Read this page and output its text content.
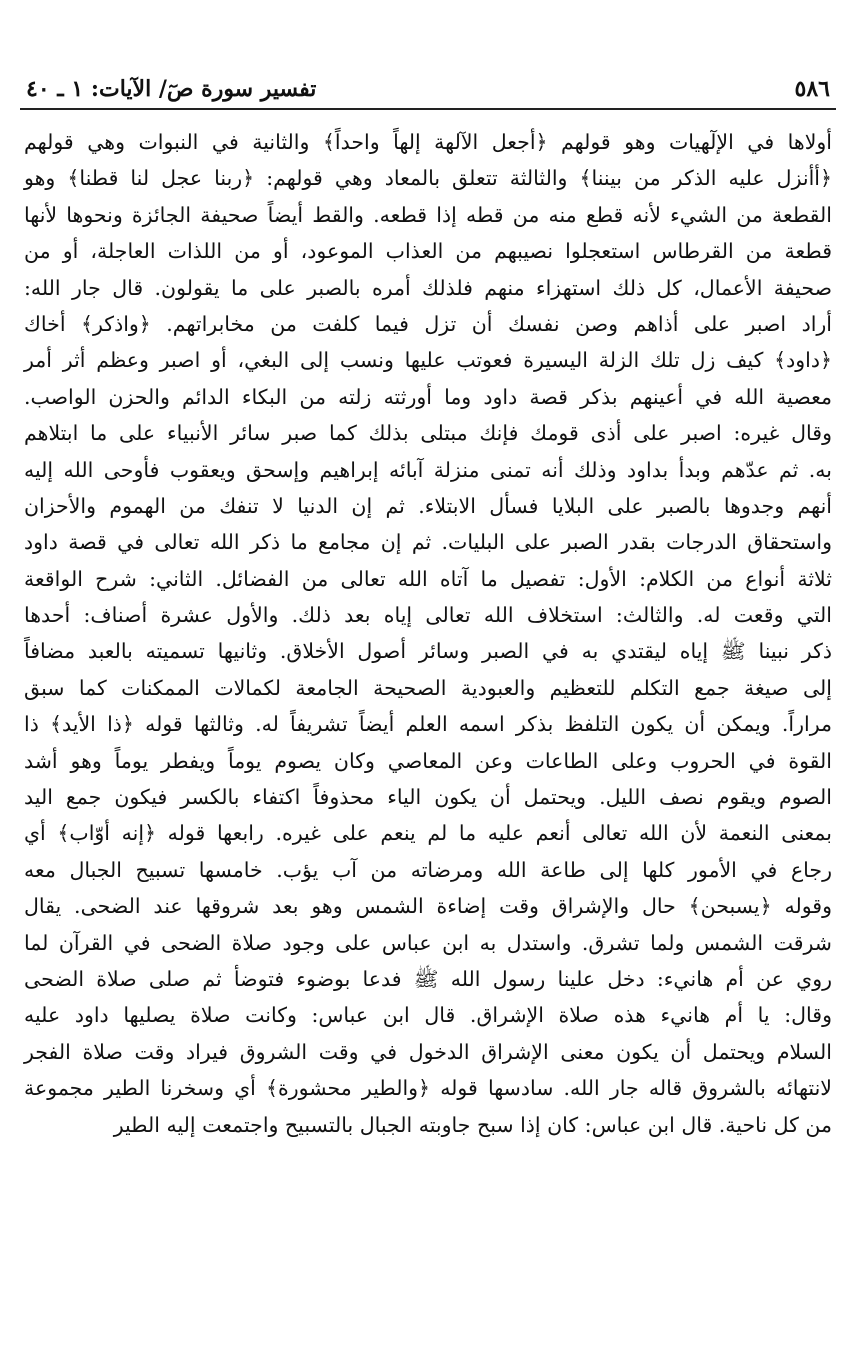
٥٨٦
تفسير سورة صٓ/ الآيات: ١ ـ ٤٠
أولاها في الإلٓهيات وهو قولهم ﴿أجعل الآلهة إلهاً واحداً﴾ والثانية في النبوات وهي قولهم
﴿أأنزل عليه الذكر من بيننا﴾ والثالثة تتعلق بالمعاد وهي قولهم: ﴿ربنا عجل لنا قطنا﴾ وهو
القطعة من الشيء لأنه قطع منه من قطه إذا قطعه. والقط أيضاً صحيفة الجائزة ونحوها لأنها
قطعة من القرطاس استعجلوا نصيبهم من العذاب الموعود، أو من اللذات العاجلة، أو من
صحيفة الأعمال، كل ذلك استهزاء منهم فلذلك أمره بالصبر على ما يقولون. قال جار الله:
أراد اصبر على أذاهم وصن نفسك أن تزل فيما كلفت من مخابراتهم. ﴿واذكر﴾ أخاك
﴿داود﴾ كيف زل تلك الزلة اليسيرة فعوتب عليها ونسب إلى البغي، أو اصبر وعظم أثر أمر
معصية الله في أعينهم بذكر قصة داود وما أورثته زلته من البكاء الدائم والحزن الواصب.
وقال غيره: اصبر على أذى قومك فإنك مبتلى بذلك كما صبر سائر الأنبياء على ما ابتلاهم
به. ثم عدّهم وبدأ بداود وذلك أنه تمنى منزلة آبائه إبراهيم وإسحق ويعقوب فأوحى الله إليه
أنهم وجدوها بالصبر على البلايا فسأل الابتلاء. ثم إن الدنيا لا تنفك من الهموم والأحزان
واستحقاق الدرجات بقدر الصبر على البليات. ثم إن مجامع ما ذكر الله تعالى في قصة داود
ثلاثة أنواع من الكلام: الأول: تفصيل ما آتاه الله تعالى من الفضائل. الثاني: شرح الواقعة
التي وقعت له. والثالث: استخلاف الله تعالى إياه بعد ذلك. والأول عشرة أصناف: أحدها
ذكر نبينا ﷺ إياه ليقتدي به في الصبر وسائر أصول الأخلاق. وثانيها تسميته بالعبد مضافاً
إلى صيغة جمع التكلم للتعظيم والعبودية الصحيحة الجامعة لكمالات الممكنات كما سبق
مراراً. ويمكن أن يكون التلفظ بذكر اسمه العلم أيضاً تشريفاً له. وثالثها قوله ﴿ذا الأيد﴾ ذا
القوة في الحروب وعلى الطاعات وعن المعاصي وكان يصوم يوماً ويفطر يوماً وهو أشد
الصوم ويقوم نصف الليل. ويحتمل أن يكون الياء محذوفاً اكتفاء بالكسر فيكون جمع اليد
بمعنى النعمة لأن الله تعالى أنعم عليه ما لم ينعم على غيره. رابعها قوله ﴿إنه أوّاب﴾ أي
رجاع في الأمور كلها إلى طاعة الله ومرضاته من آب يؤب. خامسها تسبيح الجبال معه
وقوله ﴿يسبحن﴾ حال والإشراق وقت إضاءة الشمس وهو بعد شروقها عند الضحى. يقال
شرقت الشمس ولما تشرق. واستدل به ابن عباس على وجود صلاة الضحى في القرآن لما
روي عن أم هانيء: دخل علينا رسول الله ﷺ فدعا بوضوء فتوضأ ثم صلى صلاة الضحى
وقال: يا أم هانيء هذه صلاة الإشراق. قال ابن عباس: وكانت صلاة يصليها داود عليه
السلام ويحتمل أن يكون معنى الإشراق الدخول في وقت الشروق فيراد وقت صلاة الفجر
لانتهائه بالشروق قاله جار الله. سادسها قوله ﴿والطير محشورة﴾ أي وسخرنا الطير مجموعة
من كل ناحية. قال ابن عباس: كان إذا سبح جاوبته الجبال بالتسبيح واجتمعت إليه الطير
